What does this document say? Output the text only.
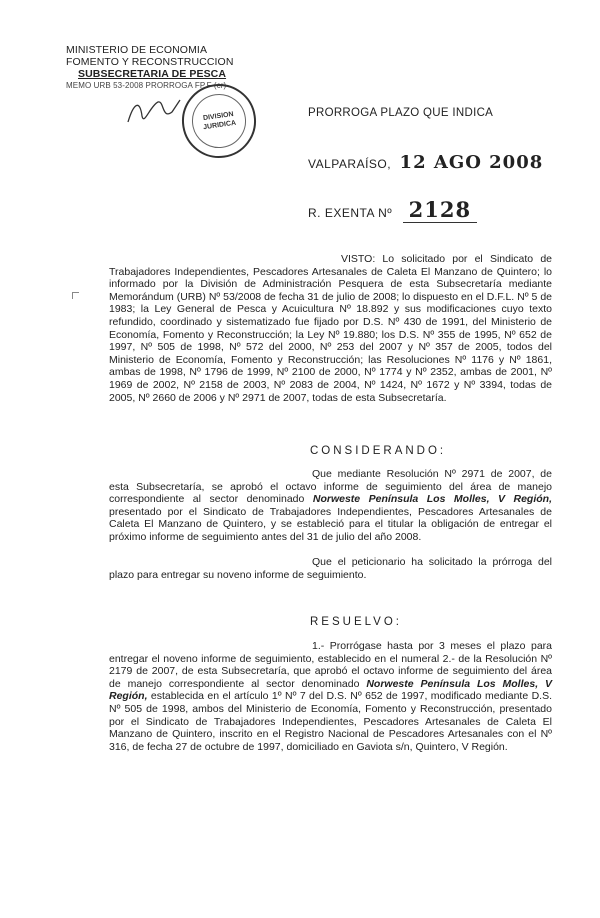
MINISTERIO DE ECONOMIA
FOMENTO Y RECONSTRUCCION
SUBSECRETARIA DE PESCA
MEMO URB 53-2008 PRORROGA FP.F (cr)
DIVISION
JURIDICA
PRORROGA PLAZO QUE INDICA
VALPARAÍSO, 12 AGO 2008
R. EXENTA Nº 2128
VISTO: Lo solicitado por el Sindicato de Trabajadores Independientes, Pescadores Artesanales de Caleta El Manzano de Quintero; lo informado por la División de Administración Pesquera de esta Subsecretaría mediante Memorándum (URB) Nº 53/2008 de fecha 31 de julio de 2008; lo dispuesto en el D.F.L. Nº 5 de 1983; la Ley General de Pesca y Acuicultura Nº 18.892 y sus modificaciones cuyo texto refundido, coordinado y sistematizado fue fijado por D.S. Nº 430 de 1991, del Ministerio de Economía, Fomento y Reconstrucción; la Ley Nº 19.880; los D.S. Nº 355 de 1995, Nº 652 de 1997, Nº 505 de 1998, Nº 572 del 2000, Nº 253 del 2007 y Nº 357 de 2005, todos del Ministerio de Economía, Fomento y Reconstrucción; las Resoluciones Nº 1176 y Nº 1861, ambas de 1998, Nº 1796 de 1999, Nº 2100 de 2000, Nº 1774 y Nº 2352, ambas de 2001, Nº 1969 de 2002, Nº 2158 de 2003, Nº 2083 de 2004, Nº 1424, Nº 1672 y Nº 3394, todas de 2005, Nº 2660 de 2006 y Nº 2971 de 2007, todas de esta Subsecretaría.
CONSIDERANDO:
Que mediante Resolución Nº 2971 de 2007, de esta Subsecretaría, se aprobó el octavo informe de seguimiento del área de manejo correspondiente al sector denominado Norweste Península Los Molles, V Región, presentado por el Sindicato de Trabajadores Independientes, Pescadores Artesanales de Caleta El Manzano de Quintero, y se estableció para el titular la obligación de entregar el próximo informe de seguimiento antes del 31 de julio del año 2008.
Que el peticionario ha solicitado la prórroga del plazo para entregar su noveno informe de seguimiento.
RESUELVO:
1.- Prorrógase hasta por 3 meses el plazo para entregar el noveno informe de seguimiento, establecido en el numeral 2.- de la Resolución Nº 2179 de 2007, de esta Subsecretaría, que aprobó el octavo informe de seguimiento del área de manejo correspondiente al sector denominado Norweste Península Los Molles, V Región, establecida en el artículo 1º Nº 7 del D.S. Nº 652 de 1997, modificado mediante D.S. Nº 505 de 1998, ambos del Ministerio de Economía, Fomento y Reconstrucción, presentado por el Sindicato de Trabajadores Independientes, Pescadores Artesanales de Caleta El Manzano de Quintero, inscrito en el Registro Nacional de Pescadores Artesanales con el Nº 316, de fecha 27 de octubre de 1997, domiciliado en Gaviota s/n, Quintero, V Región.
